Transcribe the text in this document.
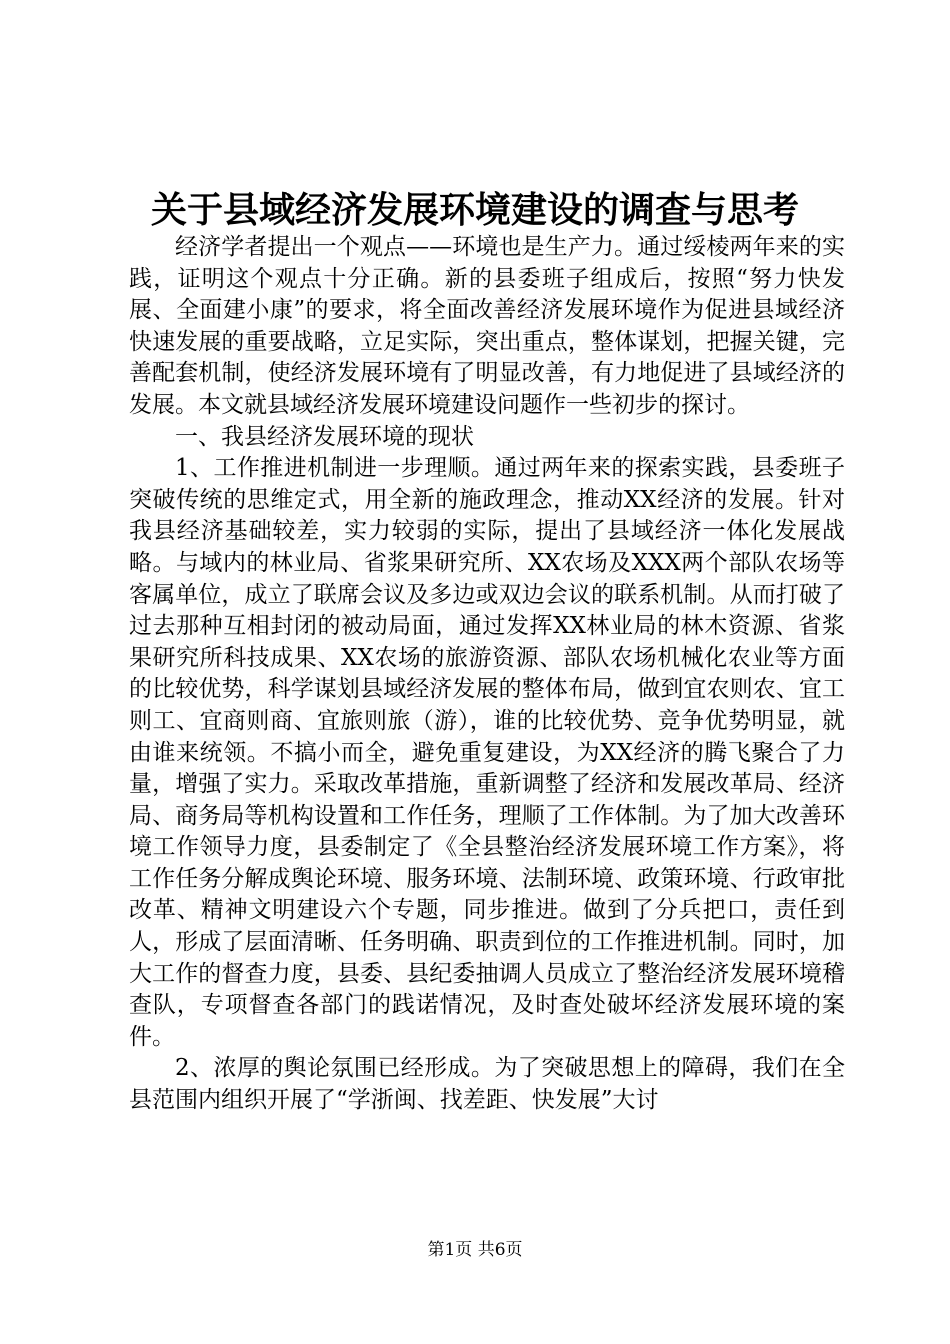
关于县域经济发展环境建设的调查与思考

经济学者提出一个观点——环境也是生产力。通过绥棱两年来的实践，证明这个观点十分正确。新的县委班子组成后，按照“努力快发展、全面建小康”的要求，将全面改善经济发展环境作为促进县域经济快速发展的重要战略，立足实际，突出重点，整体谋划，把握关键，完善配套机制，使经济发展环境有了明显改善，有力地促进了县域经济的发展。本文就县域经济发展环境建设问题作一些初步的探讨。

一、我县经济发展环境的现状

1、工作推进机制进一步理顺。通过两年来的探索实践，县委班子突破传统的思维定式，用全新的施政理念，推动XX经济的发展。针对我县经济基础较差，实力较弱的实际，提出了县域经济一体化发展战略。与域内的林业局、省浆果研究所、XX农场及XXX两个部队农场等客属单位，成立了联席会议及多边或双边会议的联系机制。从而打破了过去那种互相封闭的被动局面，通过发挥XX林业局的林木资源、省浆果研究所科技成果、XX农场的旅游资源、部队农场机械化农业等方面的比较优势，科学谋划县域经济发展的整体布局，做到宜农则农、宜工则工、宜商则商、宜旅则旅（游），谁的比较优势、竞争优势明显，就由谁来统领。不搞小而全，避免重复建设，为XX经济的腾飞聚合了力量，增强了实力。采取改革措施，重新调整了经济和发展改革局、经济局、商务局等机构设置和工作任务，理顺了工作体制。为了加大改善环境工作领导力度，县委制定了《全县整治经济发展环境工作方案》，将工作任务分解成舆论环境、服务环境、法制环境、政策环境、行政审批改革、精神文明建设六个专题，同步推进。做到了分兵把口，责任到人，形成了层面清晰、任务明确、职责到位的工作推进机制。同时，加大工作的督查力度，县委、县纪委抽调人员成立了整治经济发展环境稽查队，专项督查各部门的践诺情况，及时查处破坏经济发展环境的案件。

2、浓厚的舆论氛围已经形成。为了突破思想上的障碍，我们在全县范围内组织开展了“学浙闽、找差距、快发展”大讨

第1页 共6页
